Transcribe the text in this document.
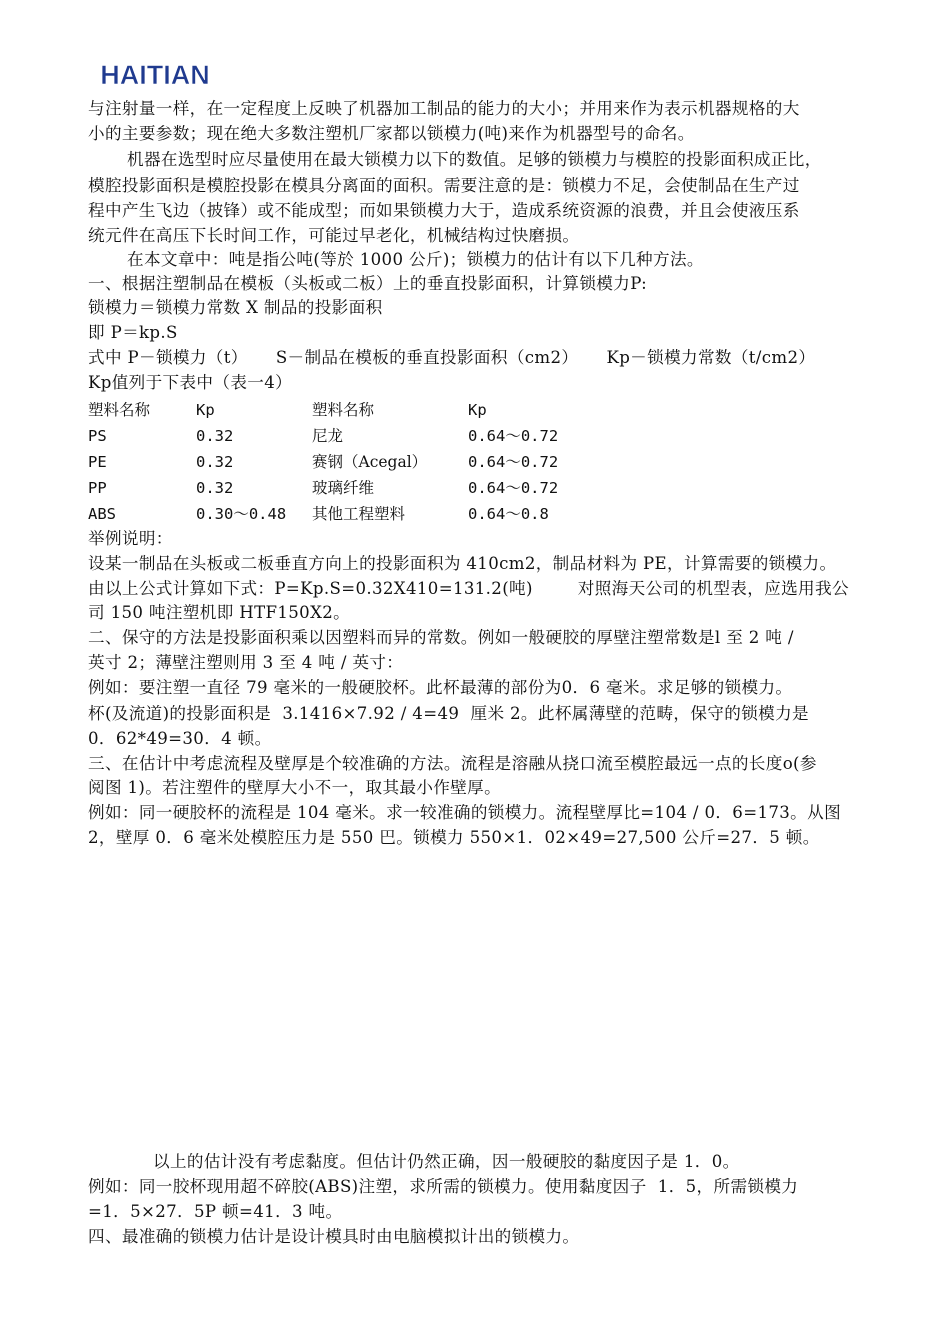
HAITIAN
与注射量一样，在一定程度上反映了机器加工制品的能力的大小；并用来作为表示机器规格的大
小的主要参数；现在绝大多数注塑机厂家都以锁模力(吨)来作为机器型号的命名。
机器在选型时应尽量使用在最大锁模力以下的数值。足够的锁模力与模腔的投影面积成正比，
模腔投影面积是模腔投影在模具分离面的面积。需要注意的是：锁模力不足，会使制品在生产过
程中产生飞边（披锋）或不能成型；而如果锁模力大于，造成系统资源的浪费，并且会使液压系
统元件在高压下长时间工作，可能过早老化，机械结构过快磨损。
在本文章中：吨是指公吨(等於 1000 公斤)；锁模力的估计有以下几种方法。
一、根据注塑制品在模板（头板或二板）上的垂直投影面积，计算锁模力P:
锁模力＝锁模力常数 X 制品的投影面积
即 P＝kp.S
式中 P－锁模力（t）     S－制品在模板的垂直投影面积（cm2）     Kp－锁模力常数（t/cm2）
Kp值列于下表中（表一4）
塑料名称	Kp	塑料名称	Kp
PS	0.32	尼龙	0.64～0.72
PE	0.32	赛钢（Acegal）	0.64～0.72
PP	0.32	玻璃纤维	0.64～0.72
ABS	0.30～0.48 其他工程塑料	0.64～0.8
举例说明：
设某一制品在头板或二板垂直方向上的投影面积为 410cm2，制品材料为 PE，计算需要的锁模力。
由以上公式计算如下式：P=Kp.S=0.32X410=131.2(吨)        对照海天公司的机型表，应选用我公
司 150 吨注塑机即 HTF150X2。
二、保守的方法是投影面积乘以因塑料而异的常数。例如一般硬胶的厚壁注塑常数是l 至 2 吨 /
英寸 2；薄壁注塑则用 3 至 4 吨 / 英寸：
例如：要注塑一直径 79 毫米的一般硬胶杯。此杯最薄的部份为0．6 毫米。求足够的锁模力。
杯(及流道)的投影面积是  3.1416×7.92 / 4=49  厘米 2。此杯属薄壁的范畴，保守的锁模力是
0．62*49=30．4 顿。
三、在估计中考虑流程及壁厚是个较准确的方法。流程是溶融从挠口流至模腔最远一点的长度o(参
阅图 1)。若注塑件的壁厚大小不一，取其最小作壁厚。
例如：同一硬胶杯的流程是 104 毫米。求一较准确的锁模力。流程壁厚比=104 / 0．6=173。从图
2，壁厚 0．6 毫米处模腔压力是 550 巴。锁模力 550×1．02×49=27,500 公斤=27．5 顿。
以上的估计没有考虑黏度。但估计仍然正确，因一般硬胶的黏度因子是 1．0。
例如：同一胶杯现用超不碎胶(ABS)注塑，求所需的锁模力。使用黏度因子  1．5，所需锁模力
=1．5×27．5P 顿=41．3 吨。
四、最准确的锁模力估计是设计模具时由电脑模拟计出的锁模力。
